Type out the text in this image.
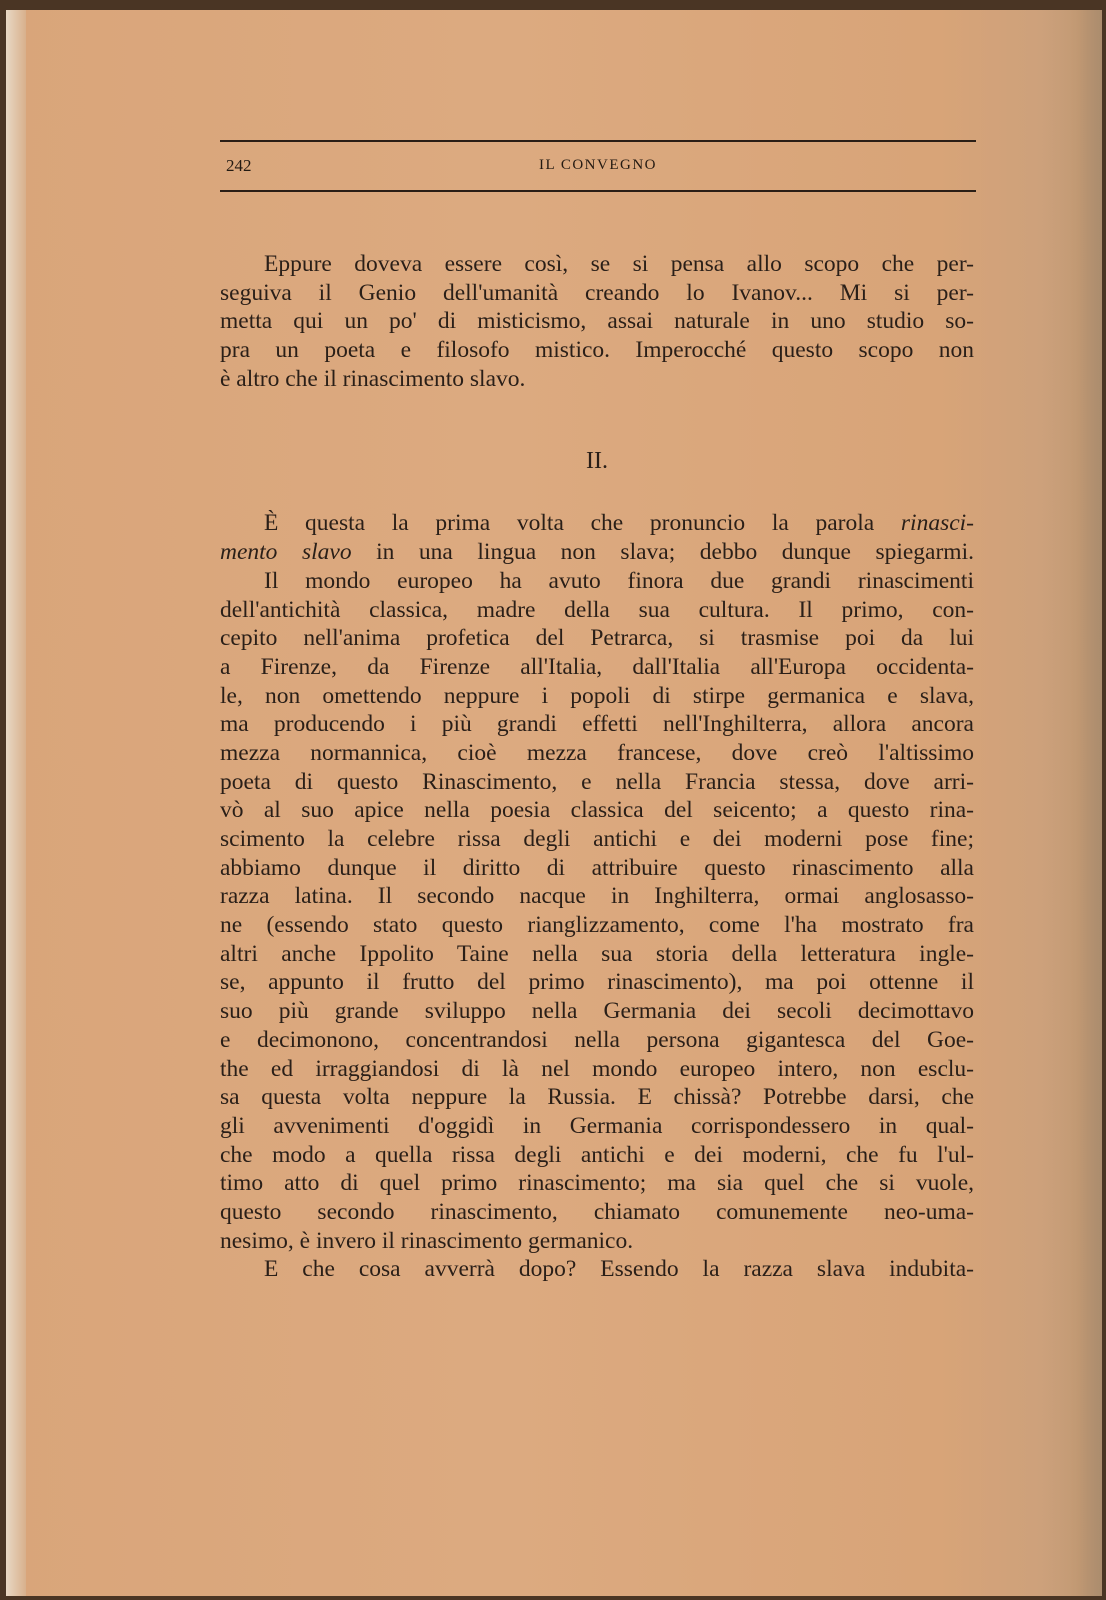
242	IL CONVEGNO
Eppure doveva essere così, se si pensa allo scopo che per-
seguiva il Genio dell'umanità creando lo Ivanov... Mi si per-
metta qui un po' di misticismo, assai naturale in uno studio so-
pra un poeta e filosofo mistico. Imperocché questo scopo non
è altro che il rinascimento slavo.
II.
È questa la prima volta che pronuncio la parola rinasci-
mento slavo in una lingua non slava; debbo dunque spiegarmi.
Il mondo europeo ha avuto finora due grandi rinascimenti
dell'antichità classica, madre della sua cultura. Il primo, con-
cepito nell'anima profetica del Petrarca, si trasmise poi da lui
a Firenze, da Firenze all'Italia, dall'Italia all'Europa occidenta-
le, non omettendo neppure i popoli di stirpe germanica e slava,
ma producendo i più grandi effetti nell'Inghilterra, allora ancora
mezza normannica, cioè mezza francese, dove creò l'altissimo
poeta di questo Rinascimento, e nella Francia stessa, dove arri-
vò al suo apice nella poesia classica del seicento; a questo rina-
scimento la celebre rissa degli antichi e dei moderni pose fine;
abbiamo dunque il diritto di attribuire questo rinascimento alla
razza latina. Il secondo nacque in Inghilterra, ormai anglosasso-
ne (essendo stato questo rianglizzamento, come l'ha mostrato fra
altri anche Ippolito Taine nella sua storia della letteratura ingle-
se, appunto il frutto del primo rinascimento), ma poi ottenne il
suo più grande sviluppo nella Germania dei secoli decimottavo
e decimonono, concentrandosi nella persona gigantesca del Goe-
the ed irraggiandosi di là nel mondo europeo intero, non esclu-
sa questa volta neppure la Russia. E chissà? Potrebbe darsi, che
gli avvenimenti d'oggidì in Germania corrispondessero in qual-
che modo a quella rissa degli antichi e dei moderni, che fu l'ul-
timo atto di quel primo rinascimento; ma sia quel che si vuole,
questo secondo rinascimento, chiamato comunemente neo-uma-
nesimo, è invero il rinascimento germanico.
E che cosa avverrà dopo? Essendo la razza slava indubita-
